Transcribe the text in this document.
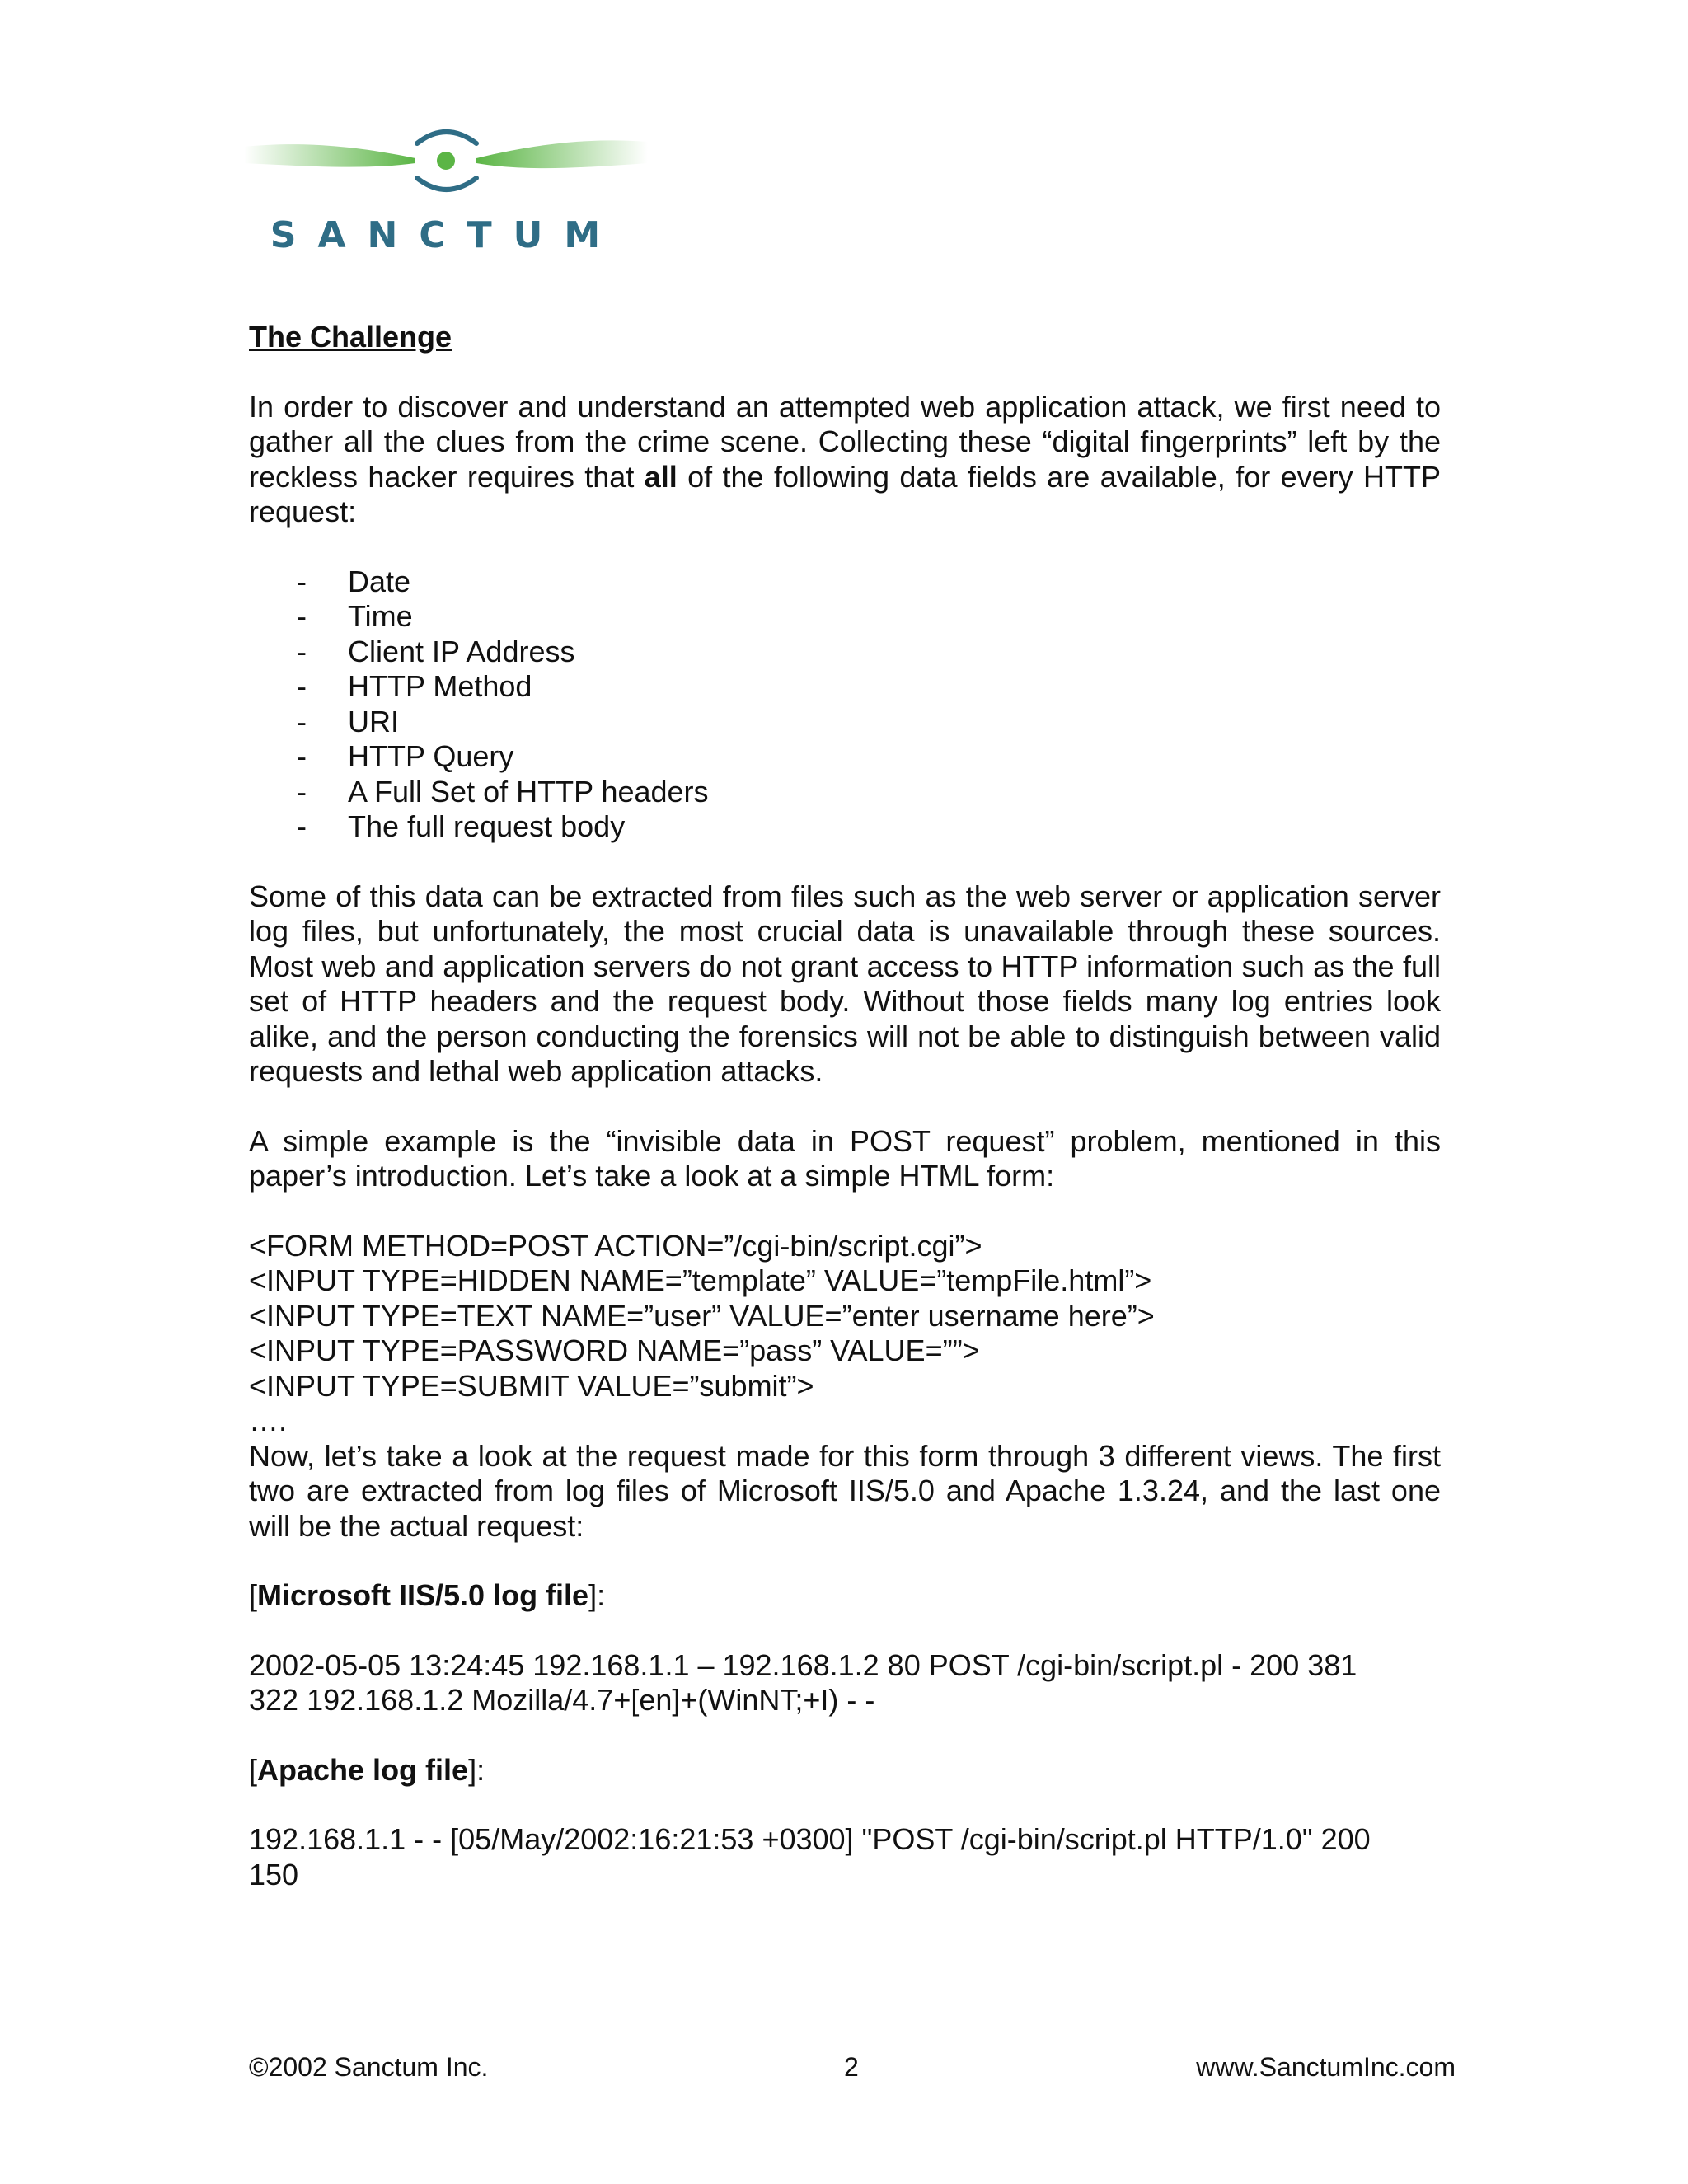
SANCTUM
The Challenge

In order to discover and understand an attempted web application attack, we first need to gather all the clues from the crime scene. Collecting these “digital fingerprints” left by the reckless hacker requires that all of the following data fields are available, for every HTTP request:

- Date
- Time
- Client IP Address
- HTTP Method
- URI
- HTTP Query
- A Full Set of HTTP headers
- The full request body

Some of this data can be extracted from files such as the web server or application server log files, but unfortunately, the most crucial data is unavailable through these sources. Most web and application servers do not grant access to HTTP information such as the full set of HTTP headers and the request body. Without those fields many log entries look alike, and the person conducting the forensics will not be able to distinguish between valid requests and lethal web application attacks.

A simple example is the “invisible data in POST request” problem, mentioned in this paper’s introduction. Let’s take a look at a simple HTML form:

<FORM METHOD=POST ACTION=”/cgi-bin/script.cgi”>
<INPUT TYPE=HIDDEN NAME=”template” VALUE=”tempFile.html”>
<INPUT TYPE=TEXT NAME=”user” VALUE=”enter username here”>
<INPUT TYPE=PASSWORD NAME=”pass” VALUE=””>
<INPUT TYPE=SUBMIT VALUE=”submit”>
….

Now, let’s take a look at the request made for this form through 3 different views. The first two are extracted from log files of Microsoft IIS/5.0 and Apache 1.3.24, and the last one will be the actual request:

[Microsoft IIS/5.0 log file]:

2002-05-05 13:24:45 192.168.1.1 – 192.168.1.2 80 POST /cgi-bin/script.pl - 200 381
322 192.168.1.2 Mozilla/4.7+[en]+(WinNT;+I) - -

[Apache log file]:

192.168.1.1 - - [05/May/2002:16:21:53 +0300] "POST /cgi-bin/script.pl HTTP/1.0" 200
150
©2002 Sanctum Inc.	2	www.SanctumInc.com
